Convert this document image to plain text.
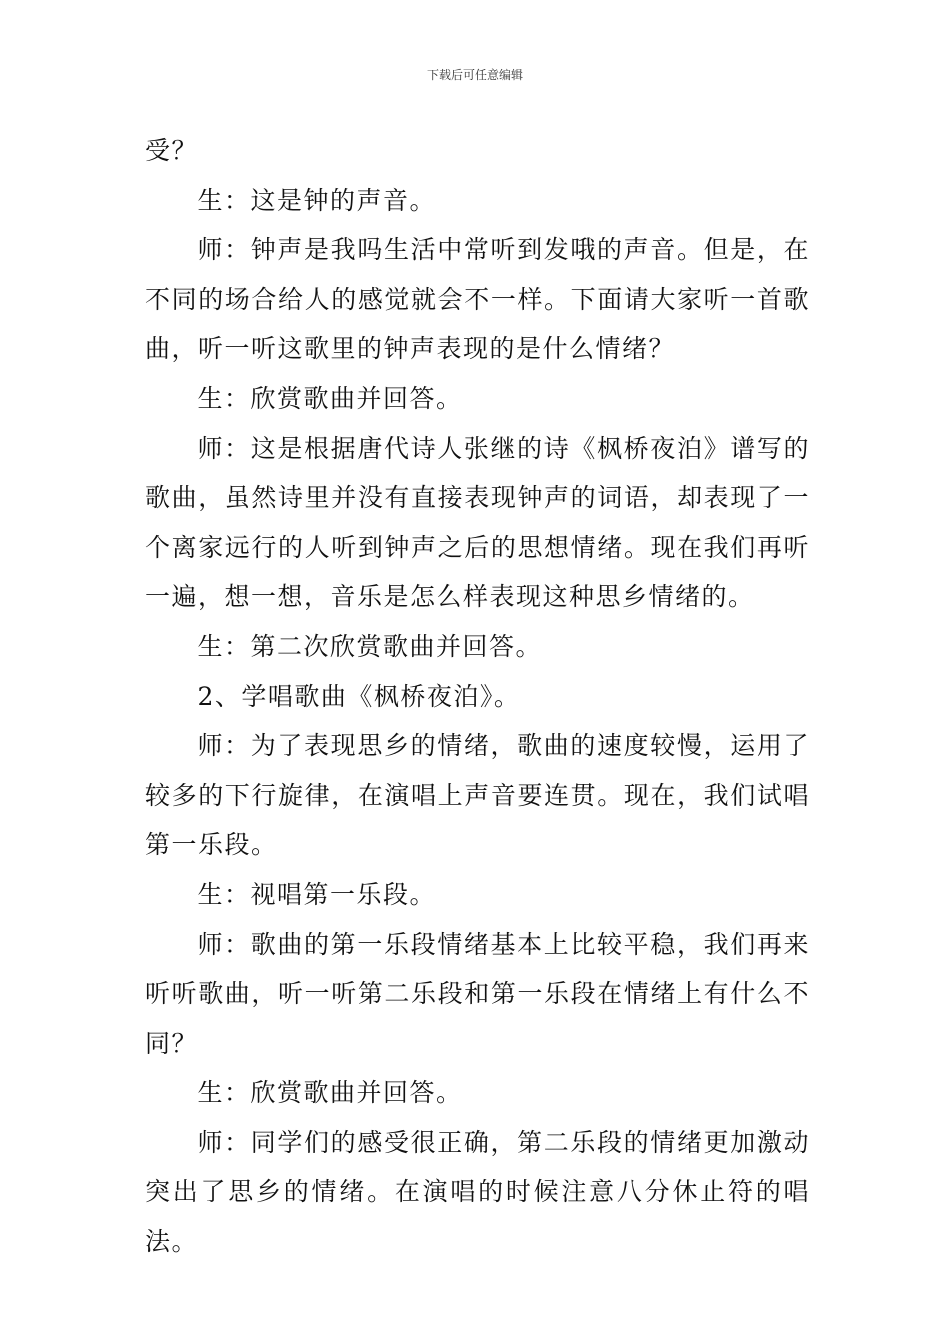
下载后可任意编辑

受？

生：这是钟的声音。

师：钟声是我吗生活中常听到发哦的声音。但是，在不同的场合给人的感觉就会不一样。下面请大家听一首歌曲，听一听这歌里的钟声表现的是什么情绪？

生：欣赏歌曲并回答。

师：这是根据唐代诗人张继的诗《枫桥夜泊》谱写的歌曲，虽然诗里并没有直接表现钟声的词语，却表现了一个离家远行的人听到钟声之后的思想情绪。现在我们再听一遍，想一想，音乐是怎么样表现这种思乡情绪的。

生：第二次欣赏歌曲并回答。

2、学唱歌曲《枫桥夜泊》。

师：为了表现思乡的情绪，歌曲的速度较慢，运用了较多的下行旋律，在演唱上声音要连贯。现在，我们试唱第一乐段。

生：视唱第一乐段。

师：歌曲的第一乐段情绪基本上比较平稳，我们再来听听歌曲，听一听第二乐段和第一乐段在情绪上有什么不同？

生：欣赏歌曲并回答。

师：同学们的感受很正确，第二乐段的情绪更加激动突出了思乡的情绪。在演唱的时候注意八分休止符的唱法。
